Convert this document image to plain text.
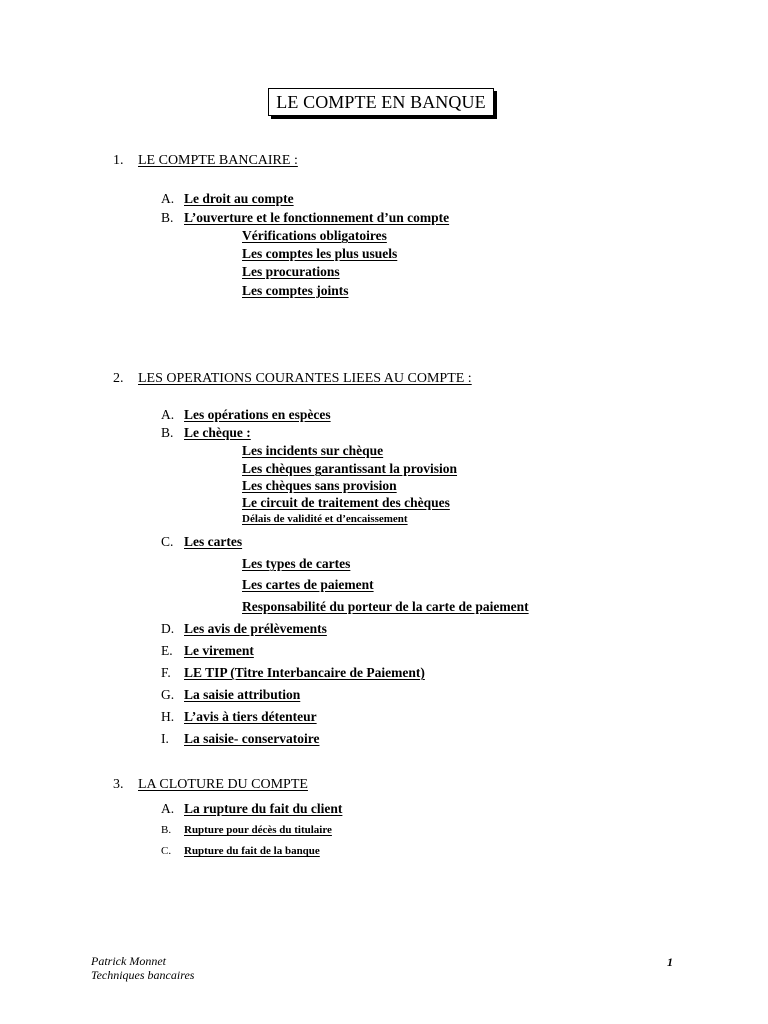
LE COMPTE EN BANQUE
1. LE COMPTE BANCAIRE :
A. Le droit au compte
B. L’ouverture et le fonctionnement d’un compte
Vérifications obligatoires
Les comptes les plus usuels
Les procurations
Les comptes joints
2. LES OPERATIONS COURANTES LIEES AU COMPTE :
A. Les opérations en espèces
B. Le chèque :
Les incidents sur chèque
Les chèques garantissant la provision
Les chèques sans provision
Le circuit de traitement des chèques
Délais de validité et d’encaissement
C. Les cartes
Les types de cartes
Les cartes de paiement
Responsabilité du porteur de la carte de paiement
D. Les avis de prélèvements
E. Le virement
F. LE TIP (Titre Interbancaire de Paiement)
G. La saisie attribution
H. L’avis à tiers détenteur
I. La saisie- conservatoire
3. LA CLOTURE DU COMPTE
A. La rupture du fait du client
B. Rupture pour décès du titulaire
C. Rupture du fait de la banque
Patrick Monnet
Techniques bancaires
1
